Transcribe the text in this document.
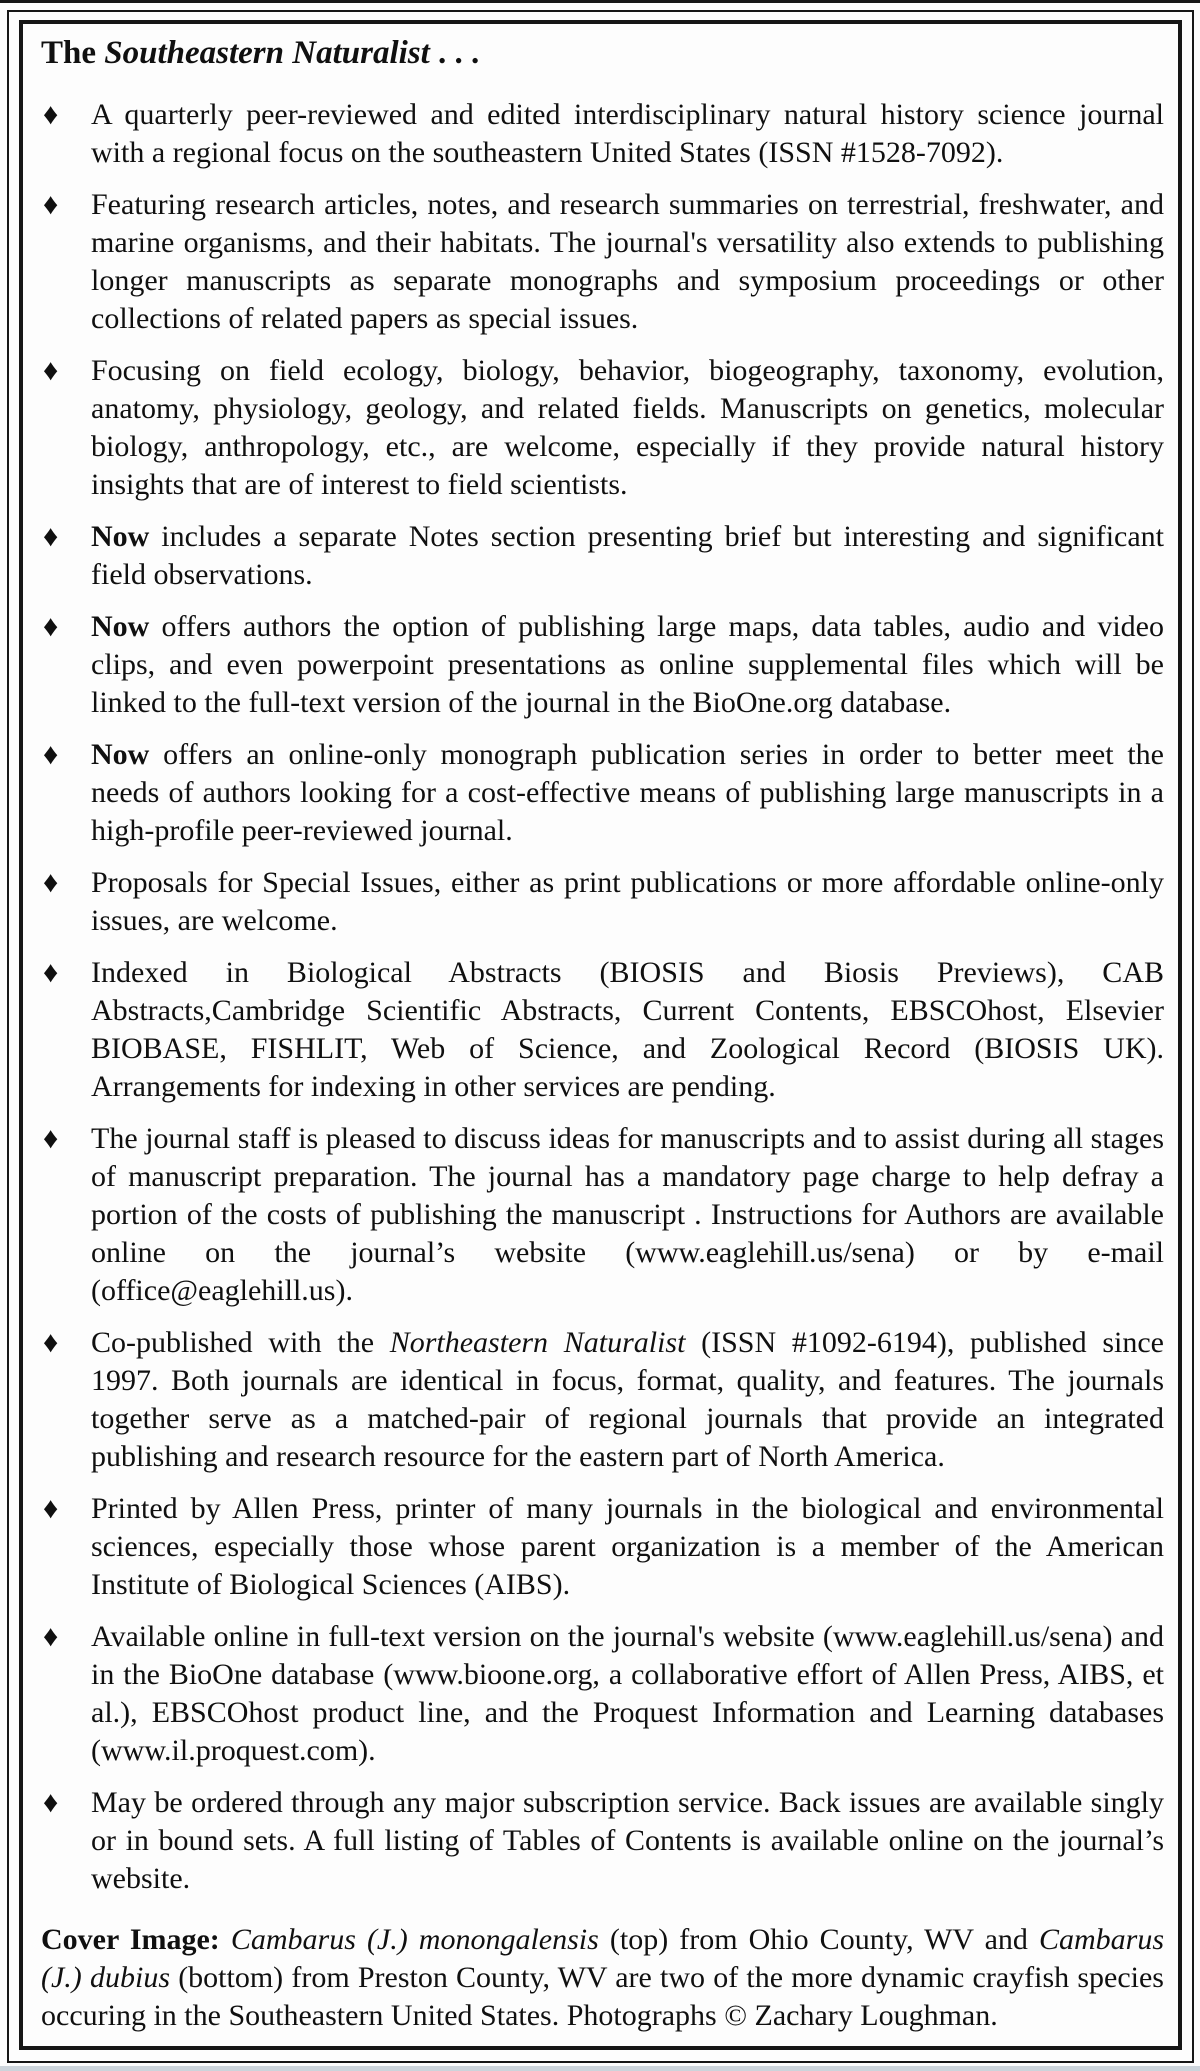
The Southeastern Naturalist . . .
♦ A quarterly peer-reviewed and edited interdisciplinary natural history science journal with a regional focus on the southeastern United States (ISSN #1528-7092).
♦ Featuring research articles, notes, and research summaries on terrestrial, freshwater, and marine organisms, and their habitats. The journal's versatility also extends to publishing longer manuscripts as separate monographs and symposium proceedings or other collections of related papers as special issues.
♦ Focusing on field ecology, biology, behavior, biogeography, taxonomy, evolution, anatomy, physiology, geology, and related fields. Manuscripts on genetics, molecular biology, anthropology, etc., are welcome, especially if they provide natural history insights that are of interest to field scientists.
♦ Now includes a separate Notes section presenting brief but interesting and significant field observations.
♦ Now offers authors the option of publishing large maps, data tables, audio and video clips, and even powerpoint presentations as online supplemental files which will be linked to the full-text version of the journal in the BioOne.org database.
♦ Now offers an online-only monograph publication series in order to better meet the needs of authors looking for a cost-effective means of publishing large manuscripts in a high-profile peer-reviewed journal.
♦ Proposals for Special Issues, either as print publications or more affordable online-only issues, are welcome.
♦ Indexed in Biological Abstracts (BIOSIS and Biosis Previews), CAB Abstracts,Cambridge Scientific Abstracts, Current Contents, EBSCOhost, Elsevier BIOBASE, FISHLIT, Web of Science, and Zoological Record (BIOSIS UK). Arrangements for indexing in other services are pending.
♦ The journal staff is pleased to discuss ideas for manuscripts and to assist during all stages of manuscript preparation. The journal has a mandatory page charge to help defray a portion of the costs of publishing the manuscript . Instructions for Authors are available online on the journal’s website (www.eaglehill.us/sena) or by e-mail (office@eaglehill.us).
♦ Co-published with the Northeastern Naturalist (ISSN #1092-6194), published since 1997. Both journals are identical in focus, format, quality, and features. The journals together serve as a matched-pair of regional journals that provide an integrated publishing and research resource for the eastern part of North America.
♦ Printed by Allen Press, printer of many journals in the biological and environmental sciences, especially those whose parent organization is a member of the American Institute of Biological Sciences (AIBS).
♦ Available online in full-text version on the journal's website (www.eaglehill.us/sena) and in the BioOne database (www.bioone.org, a collaborative effort of Allen Press, AIBS, et al.), EBSCOhost product line, and the Proquest Information and Learning databases (www.il.proquest.com).
♦ May be ordered through any major subscription service. Back issues are available singly or in bound sets. A full listing of Tables of Contents is available online on the journal’s website.

Cover Image: Cambarus (J.) monongalensis (top) from Ohio County, WV and Cambarus (J.) dubius (bottom) from Preston County, WV are two of the more dynamic crayfish species occuring in the Southeastern United States. Photographs © Zachary Loughman.
